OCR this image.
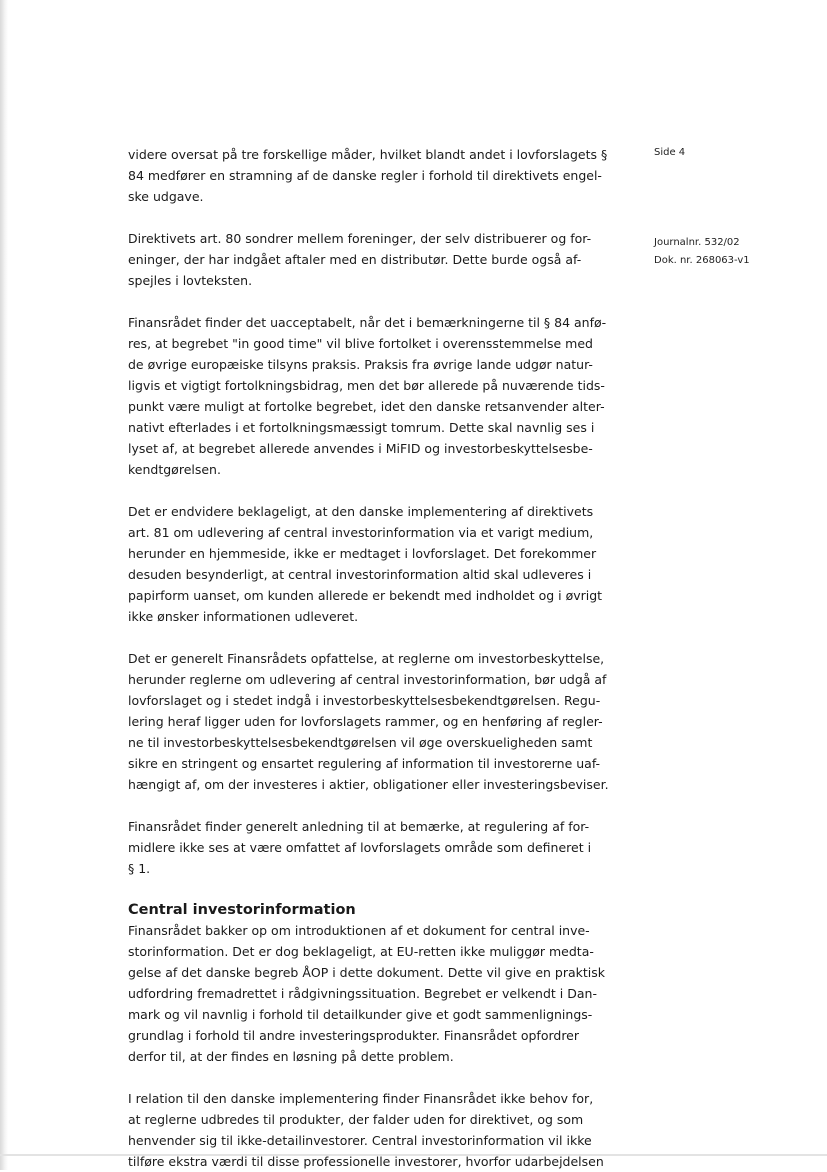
Side 4
Journalnr. 532/02
Dok. nr. 268063-v1

videre oversat på tre forskellige måder, hvilket blandt andet i lovforslagets §
84 medfører en stramning af de danske regler i forhold til direktivets engel-
ske udgave.

Direktivets art. 80 sondrer mellem foreninger, der selv distribuerer og for-
eninger, der har indgået aftaler med en distributør. Dette burde også af-
spejles i lovteksten.

Finansrådet finder det uacceptabelt, når det i bemærkningerne til § 84 anfø-
res, at begrebet "in good time" vil blive fortolket i overensstemmelse med
de øvrige europæiske tilsyns praksis. Praksis fra øvrige lande udgør natur-
ligvis et vigtigt fortolkningsbidrag, men det bør allerede på nuværende tids-
punkt være muligt at fortolke begrebet, idet den danske retsanvender alter-
nativt efterlades i et fortolkningsmæssigt tomrum. Dette skal navnlig ses i
lyset af, at begrebet allerede anvendes i MiFID og investorbeskyttelsesbe-
kendtgørelsen.

Det er endvidere beklageligt, at den danske implementering af direktivets
art. 81 om udlevering af central investorinformation via et varigt medium,
herunder en hjemmeside, ikke er medtaget i lovforslaget. Det forekommer
desuden besynderligt, at central investorinformation altid skal udleveres i
papirform uanset, om kunden allerede er bekendt med indholdet og i øvrigt
ikke ønsker informationen udleveret.

Det er generelt Finansrådets opfattelse, at reglerne om investorbeskyttelse,
herunder reglerne om udlevering af central investorinformation, bør udgå af
lovforslaget og i stedet indgå i investorbeskyttelsesbekendtgørelsen. Regu-
lering heraf ligger uden for lovforslagets rammer, og en henføring af regler-
ne til investorbeskyttelsesbekendtgørelsen vil øge overskueligheden samt
sikre en stringent og ensartet regulering af information til investorerne uaf-
hængigt af, om der investeres i aktier, obligationer eller investeringsbeviser.

Finansrådet finder generelt anledning til at bemærke, at regulering af for-
midlere ikke ses at være omfattet af lovforslagets område som defineret i
§ 1.

Central investorinformation

Finansrådet bakker op om introduktionen af et dokument for central inve-
storinformation. Det er dog beklageligt, at EU-retten ikke muliggør medta-
gelse af det danske begreb ÅOP i dette dokument. Dette vil give en praktisk
udfordring fremadrettet i rådgivningssituation. Begrebet er velkendt i Dan-
mark og vil navnlig i forhold til detailkunder give et godt sammenlignings-
grundlag i forhold til andre investeringsprodukter. Finansrådet opfordrer
derfor til, at der findes en løsning på dette problem.

I relation til den danske implementering finder Finansrådet ikke behov for,
at reglerne udbredes til produkter, der falder uden for direktivet, og som
henvender sig til ikke-detailinvestorer. Central investorinformation vil ikke
tilføre ekstra værdi til disse professionelle investorer, hvorfor udarbejdelsen
